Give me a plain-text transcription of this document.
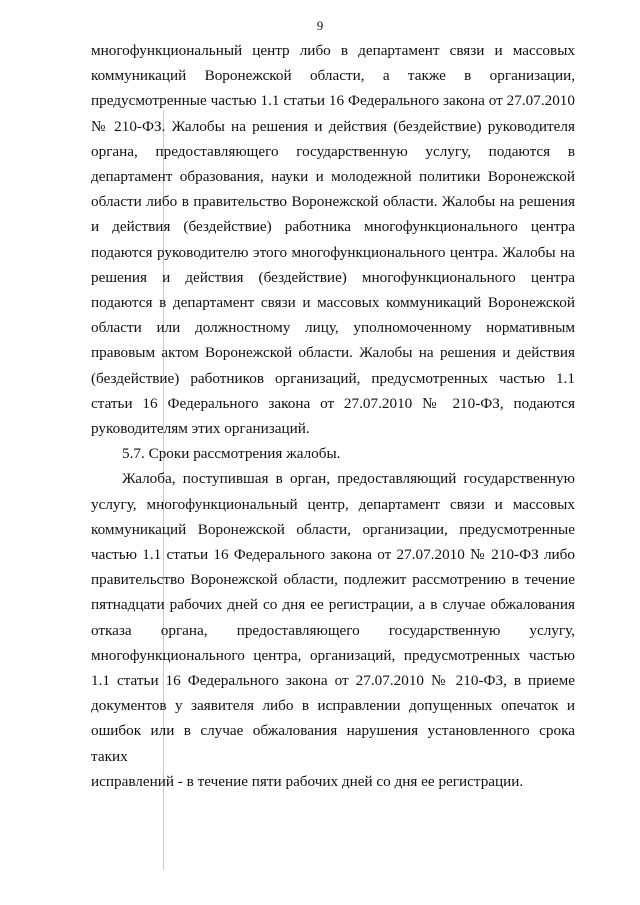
9

многофункциональный центр либо в департамент связи и массовых

коммуникаций Воронежской области, а также в организации,

предусмотренные частью 1.1 статьи 16 Федерального закона от 27.07.2010

№ 210-ФЗ. Жалобы на решения и действия (бездействие) руководителя

органа, предоставляющего государственную услугу, подаются в

департамент образования, науки и молодежной политики Воронежской

области либо в правительство Воронежской области. Жалобы на решения

и действия (бездействие) работника многофункционального центра

подаются руководителю этого многофункционального центра. Жалобы на

решения и действия (бездействие) многофункционального центра

подаются в департамент связи и массовых коммуникаций Воронежской

области или должностному лицу, уполномоченному нормативным

правовым актом Воронежской области. Жалобы на решения и действия

(бездействие) работников организаций, предусмотренных частью 1.1

статьи 16 Федерального закона от 27.07.2010 № 210-ФЗ, подаются

руководителям этих организаций.

5.7. Сроки рассмотрения жалобы.

Жалоба, поступившая в орган, предоставляющий государственную

услугу, многофункциональный центр, департамент связи и массовых

коммуникаций Воронежской области, организации, предусмотренные

частью 1.1 статьи 16 Федерального закона от 27.07.2010 № 210-ФЗ либо

правительство Воронежской области, подлежит рассмотрению в течение

пятнадцати рабочих дней со дня ее регистрации, а в случае обжалования

отказа органа, предоставляющего государственную услугу,

многофункционального центра, организаций, предусмотренных частью

1.1 статьи 16 Федерального закона от 27.07.2010 № 210-ФЗ, в приеме

документов у заявителя либо в исправлении допущенных опечаток и

ошибок или в случае обжалования нарушения установленного срока таких

исправлений - в течение пяти рабочих дней со дня ее регистрации.
